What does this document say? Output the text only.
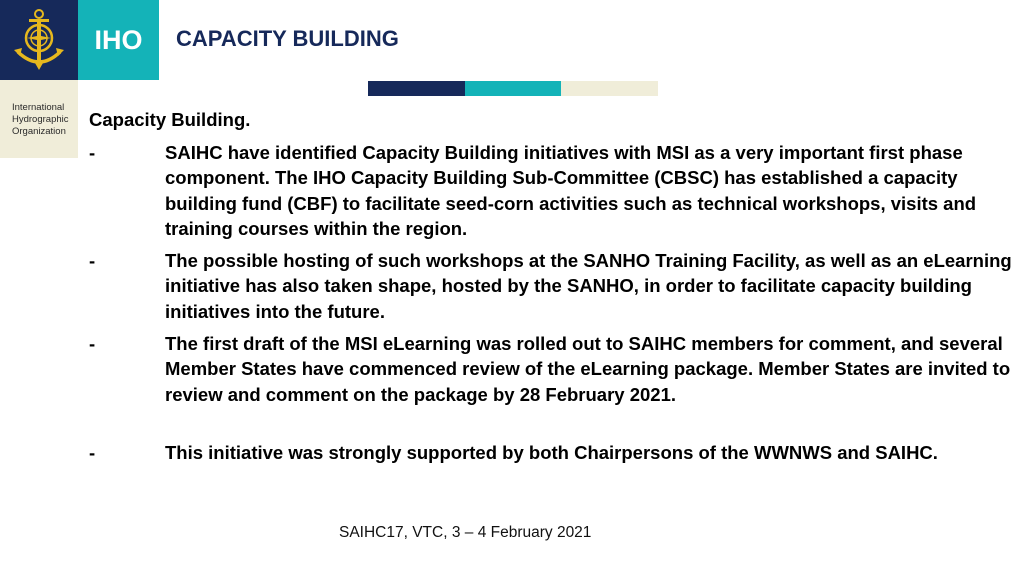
IHO
International
Hydrographic
Organization
CAPACITY BUILDING
Capacity Building.
-	SAIHC have identified Capacity Building initiatives with MSI as a very important first phase component. The IHO Capacity Building Sub-Committee (CBSC) has established a capacity building fund (CBF) to facilitate seed-corn activities such as technical workshops, visits and training courses within the region.
-	The possible hosting of such workshops at the SANHO Training Facility, as well as an eLearning initiative has also taken shape, hosted by the SANHO, in order to facilitate capacity building initiatives into the future.
-	The first draft of the MSI eLearning was rolled out to SAIHC members for comment, and several Member States have commenced review of the eLearning package. Member States are invited to review and comment on the package by 28 February 2021.
-	This initiative was strongly supported by both Chairpersons of the WWNWS and SAIHC.
SAIHC17, VTC, 3 – 4 February 2021
